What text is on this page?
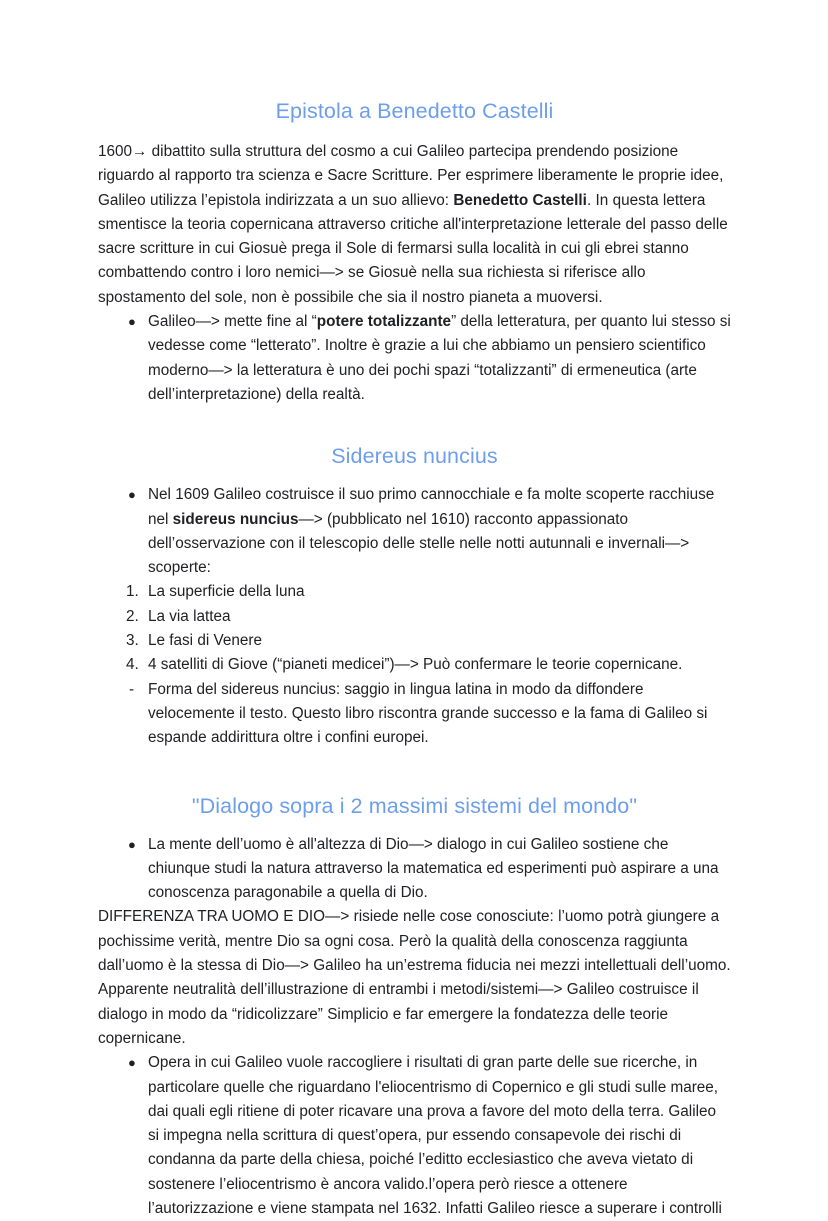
Epistola a Benedetto Castelli

1600→ dibattito sulla struttura del cosmo a cui Galileo partecipa prendendo posizione riguardo al rapporto tra scienza e Sacre Scritture. Per esprimere liberamente le proprie idee, Galileo utilizza l’epistola indirizzata a un suo allievo: Benedetto Castelli. In questa lettera smentisce la teoria copernicana attraverso critiche all'interpretazione letterale del passo delle sacre scritture in cui Giosuè prega il Sole di fermarsi sulla località in cui gli ebrei stanno combattendo contro i loro nemici—> se Giosuè nella sua richiesta si riferisce allo spostamento del sole, non è possibile che sia il nostro pianeta a muoversi.

● Galileo—> mette fine al “potere totalizzante” della letteratura, per quanto lui stesso si vedesse come “letterato”. Inoltre è grazie a lui che abbiamo un pensiero scientifico moderno—> la letteratura è uno dei pochi spazi “totalizzanti” di ermeneutica (arte dell’interpretazione) della realtà.
Sidereus nuncius
● Nel 1609 Galileo costruisce il suo primo cannocchiale e fa molte scoperte racchiuse nel sidereus nuncius—> (pubblicato nel 1610) racconto appassionato dell’osservazione con il telescopio delle stelle nelle notti autunnali e invernali—> scoperte:
1. La superficie della luna
2. La via lattea
3. Le fasi di Venere
4. 4 satelliti di Giove (“pianeti medicei”)—> Può confermare le teorie copernicane.
- Forma del sidereus nuncius: saggio in lingua latina in modo da diffondere velocemente il testo. Questo libro riscontra grande successo e la fama di Galileo si espande addirittura oltre i confini europei.
"Dialogo sopra i 2 massimi sistemi del mondo"
● La mente dell’uomo è all'altezza di Dio—> dialogo in cui Galileo sostiene che chiunque studi la natura attraverso la matematica ed esperimenti può aspirare a una conoscenza paragonabile a quella di Dio.

DIFFERENZA TRA UOMO E DIO—> risiede nelle cose conosciute: l’uomo potrà giungere a pochissime verità, mentre Dio sa ogni cosa. Però la qualità della conoscenza raggiunta dall’uomo è la stessa di Dio—> Galileo ha un’estrema fiducia nei mezzi intellettuali dell’uomo.

Apparente neutralità dell’illustrazione di entrambi i metodi/sistemi—> Galileo costruisce il dialogo in modo da “ridicolizzare” Simplicio e far emergere la fondatezza delle teorie copernicane.

● Opera in cui Galileo vuole raccogliere i risultati di gran parte delle sue ricerche, in particolare quelle che riguardano l'eliocentrismo di Copernico e gli studi sulle maree, dai quali egli ritiene di poter ricavare una prova a favore del moto della terra. Galileo si impegna nella scrittura di quest’opera, pur essendo consapevole dei rischi di condanna da parte della chiesa, poiché l’editto ecclesiastico che aveva vietato di sostenere l’eliocentrismo è ancora valido.l’opera però riesce a ottenere l’autorizzazione e viene stampata nel 1632. Infatti Galileo riesce a superare i controlli
